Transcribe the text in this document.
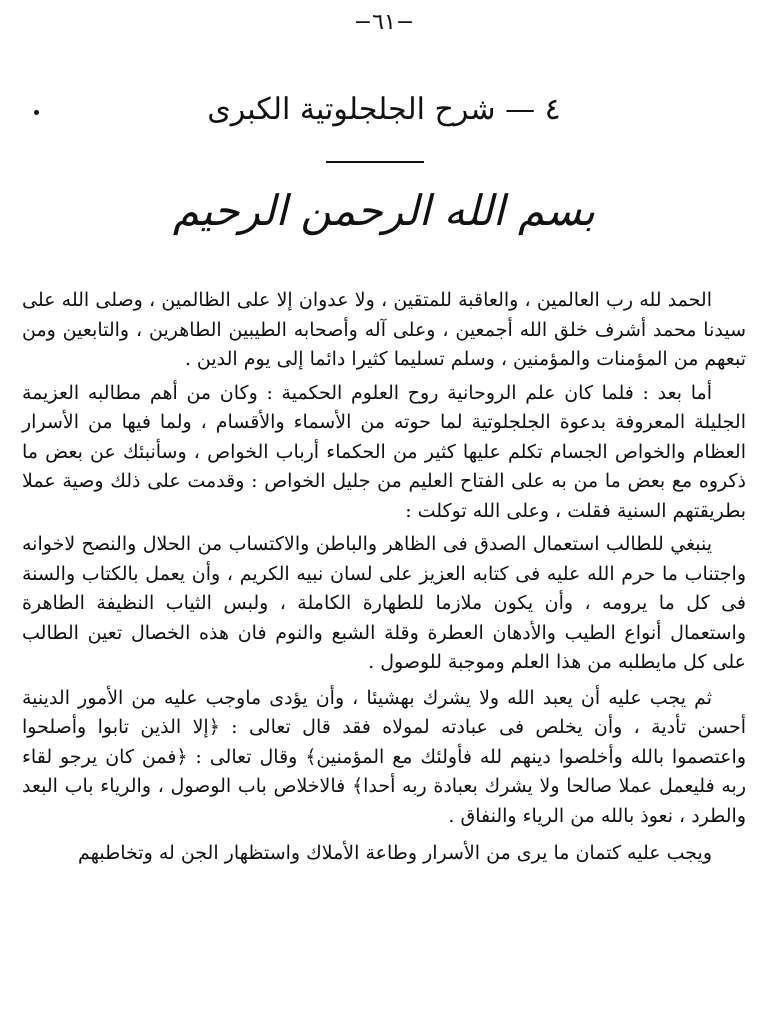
−٦١−
٤ — شرح الجلجلوتية الكبرى
بسم الله الرحمن الرحيم

الحمد لله رب العالمين ، والعاقبة للمتقين ، ولا عدوان إلا على الظالمين ، وصلى الله على سيدنا محمد أشرف خلق الله أجمعين ، وعلى آله وأصحابه الطيبين الطاهرين ، والتابعين ومن تبعهم من المؤمنات والمؤمنين ، وسلم تسليما كثيرا دائما إلى يوم الدين .

أما بعد : فلما كان علم الروحانية روح العلوم الحكمية : وكان من أهم مطالبه العزيمة الجليلة المعروفة بدعوة الجلجلوتية لما حوته من الأسماء والأقسام ، ولما فيها من الأسرار العظام والخواص الجسام تكلم عليها كثير من الحكماء أرباب الخواص ، وسأنبئك عن بعض ما ذكروه مع بعض ما من به على الفتاح العليم من جليل الخواص : وقدمت على ذلك وصية عملا بطريقتهم السنية فقلت ، وعلى الله توكلت :

ينبغي للطالب استعمال الصدق فى الظاهر والباطن والاكتساب من الحلال والنصح لاخوانه واجتناب ما حرم الله عليه فى كتابه العزيز على لسان نبيه الكريم ، وأن يعمل بالكتاب والسنة فى كل ما يرومه ، وأن يكون ملازما للطهارة الكاملة ، ولبس الثياب النظيفة الطاهرة واستعمال أنواع الطيب والأدهان العطرة وقلة الشبع والنوم فان هذه الخصال تعين الطالب على كل مايطلبه من هذا العلم وموجبة للوصول .

ثم يجب عليه أن يعبد الله ولا يشرك بهشيئا ، وأن يؤدى ماوجب عليه من الأمور الدينية أحسن تأدية ، وأن يخلص فى عبادته لمولاه فقد قال تعالى : ﴿إلا الذين تابوا وأصلحوا واعتصموا بالله وأخلصوا دينهم لله فأولئك مع المؤمنين﴾ وقال تعالى : ﴿فمن كان يرجو لقاء ربه فليعمل عملا صالحا ولا يشرك بعبادة ربه أحدا﴾ فالاخلاص باب الوصول ، والرياء باب البعد والطرد ، نعوذ بالله من الرياء والنفاق .

ويجب عليه كتمان ما يرى من الأسرار وطاعة الأملاك واستظهار الجن له وتخاطبهم
